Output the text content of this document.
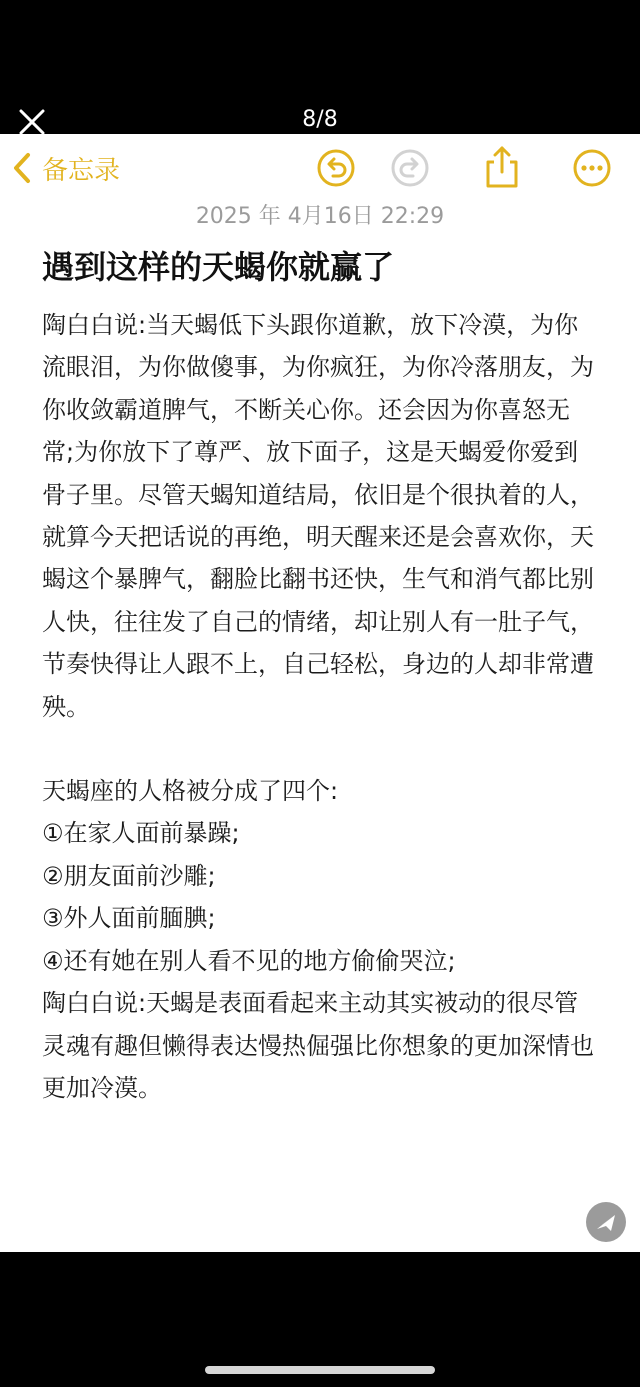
8/8
备忘录
2025 年 4月16日 22:29
遇到这样的天蝎你就赢了

陶白白说:当天蝎低下头跟你道歉，放下冷漠，为你流眼泪，为你做傻事，为你疯狂，为你冷落朋友，为你收敛霸道脾气，不断关心你。还会因为你喜怒无常;为你放下了尊严、放下面子，这是天蝎爱你爱到骨子里。尽管天蝎知道结局，依旧是个很执着的人，就算今天把话说的再绝，明天醒来还是会喜欢你，天蝎这个暴脾气，翻脸比翻书还快，生气和消气都比别人快，往往发了自己的情绪，却让别人有一肚子气，节奏快得让人跟不上，自己轻松，身边的人却非常遭殃。

天蝎座的人格被分成了四个:

①在家人面前暴躁;

②朋友面前沙雕;

③外人面前腼腆;

④还有她在别人看不见的地方偷偷哭泣;

陶白白说:天蝎是表面看起来主动其实被动的很尽管灵魂有趣但懒得表达慢热倔强比你想象的更加深情也更加冷漠。
